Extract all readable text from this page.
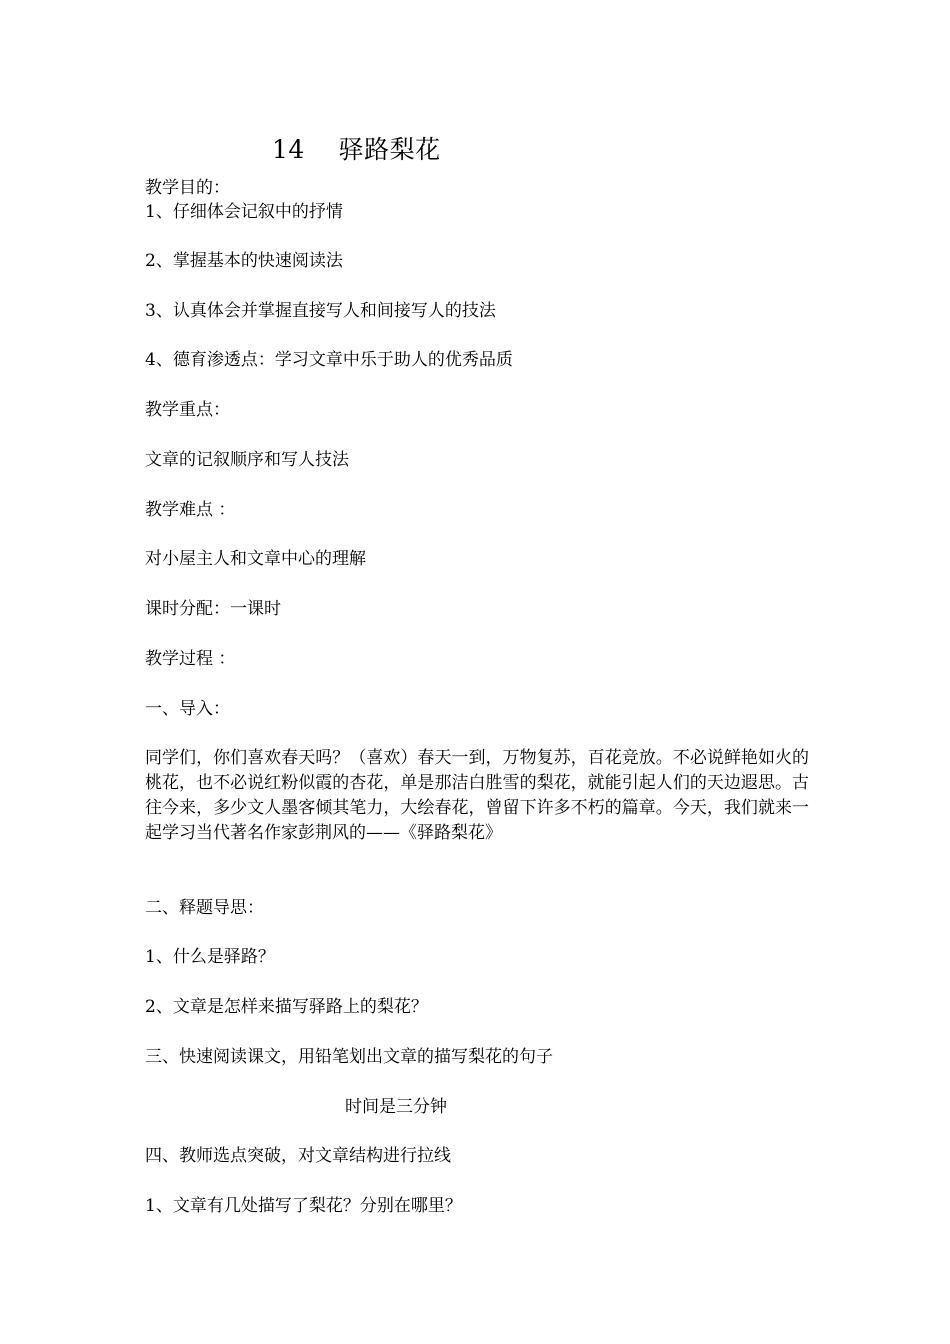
14    驿路梨花
教学目的：
1、仔细体会记叙中的抒情
2、掌握基本的快速阅读法
3、认真体会并掌握直接写人和间接写人的技法
4、德育渗透点：学习文章中乐于助人的优秀品质
教学重点：
文章的记叙顺序和写人技法
教学难点 ：
对小屋主人和文章中心的理解
课时分配：一课时
教学过程 ：
一、导入：
同学们，你们喜欢春天吗？（喜欢）春天一到，万物复苏，百花竞放。不必说鲜艳如火的桃花，也不必说红粉似霞的杏花，单是那洁白胜雪的梨花，就能引起人们的天边遐思。古往今来，多少文人墨客倾其笔力，大绘春花，曾留下许多不朽的篇章。今天，我们就来一起学习当代著名作家彭荆风的——《驿路梨花》
二、释题导思：
1、什么是驿路？
2、文章是怎样来描写驿路上的梨花？
三、快速阅读课文，用铅笔划出文章的描写梨花的句子
时间是三分钟
四、教师选点突破，对文章结构进行拉线
1、文章有几处描写了梨花？分别在哪里？
